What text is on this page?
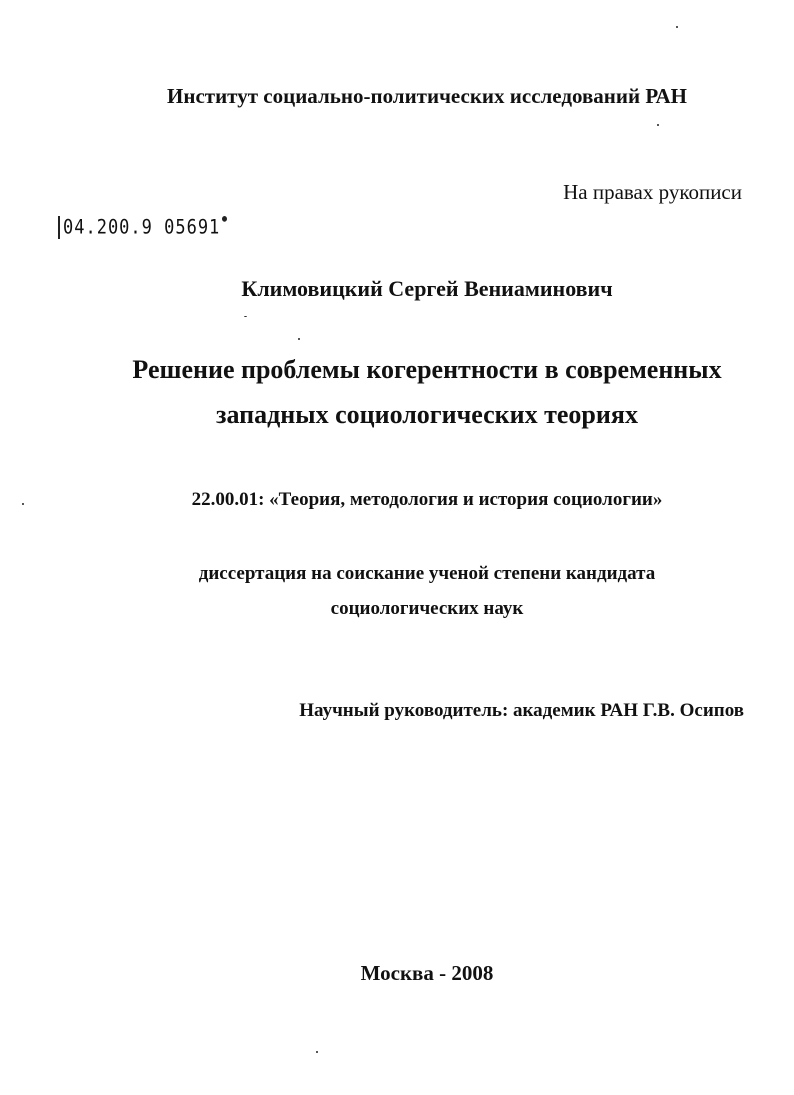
Институт социально-политических исследований РАН
На правах рукописи
04.200.9 05691
Климовицкий Сергей Вениаминович
Решение проблемы когерентности в современных
западных социологических теориях
22.00.01: «Теория, методология и история социологии»
диссертация на соискание ученой степени кандидата
социологических наук
Научный руководитель: академик РАН Г.В. Осипов
Москва - 2008
